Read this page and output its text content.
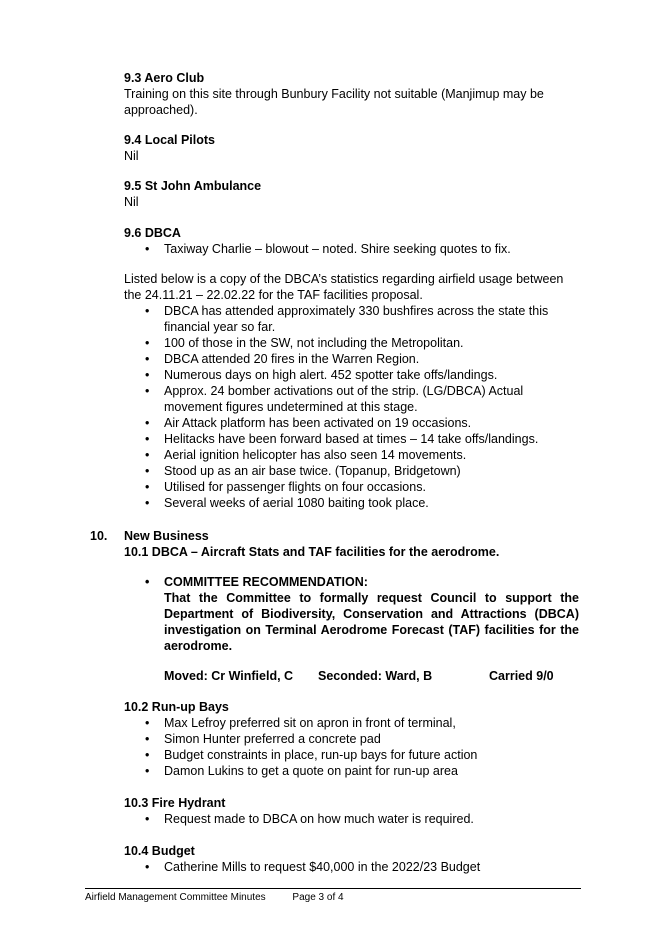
9.3 Aero Club
Training on this site through Bunbury Facility not suitable (Manjimup may be approached).
9.4 Local Pilots
Nil
9.5 St John Ambulance
Nil
9.6 DBCA
• Taxiway Charlie – blowout – noted. Shire seeking quotes to fix.
Listed below is a copy of the DBCA’s statistics regarding airfield usage between the 24.11.21 – 22.02.22 for the TAF facilities proposal.
• DBCA has attended approximately 330 bushfires across the state this financial year so far.
• 100 of those in the SW, not including the Metropolitan.
• DBCA attended 20 fires in the Warren Region.
• Numerous days on high alert. 452 spotter take offs/landings.
• Approx. 24 bomber activations out of the strip. (LG/DBCA) Actual movement figures undetermined at this stage.
• Air Attack platform has been activated on 19 occasions.
• Helitacks have been forward based at times – 14 take offs/landings.
• Aerial ignition helicopter has also seen 14 movements.
• Stood up as an air base twice. (Topanup, Bridgetown)
• Utilised for passenger flights on four occasions.
• Several weeks of aerial 1080 baiting took place.
10. New Business
10.1 DBCA – Aircraft Stats and TAF facilities for the aerodrome.
• COMMITTEE RECOMMENDATION:
That the Committee to formally request Council to support the Department of Biodiversity, Conservation and Attractions (DBCA) investigation on Terminal Aerodrome Forecast (TAF) facilities for the aerodrome.
Moved: Cr Winfield, C Seconded: Ward, B	Carried 9/0
10.2 Run-up Bays
• Max Lefroy preferred sit on apron in front of terminal,
• Simon Hunter preferred a concrete pad
• Budget constraints in place, run-up bays for future action
• Damon Lukins to get a quote on paint for run-up area
10.3 Fire Hydrant
• Request made to DBCA on how much water is required.
10.4 Budget
• Catherine Mills to request $40,000 in the 2022/23 Budget
Airfield Management Committee Minutes	Page 3 of 4
